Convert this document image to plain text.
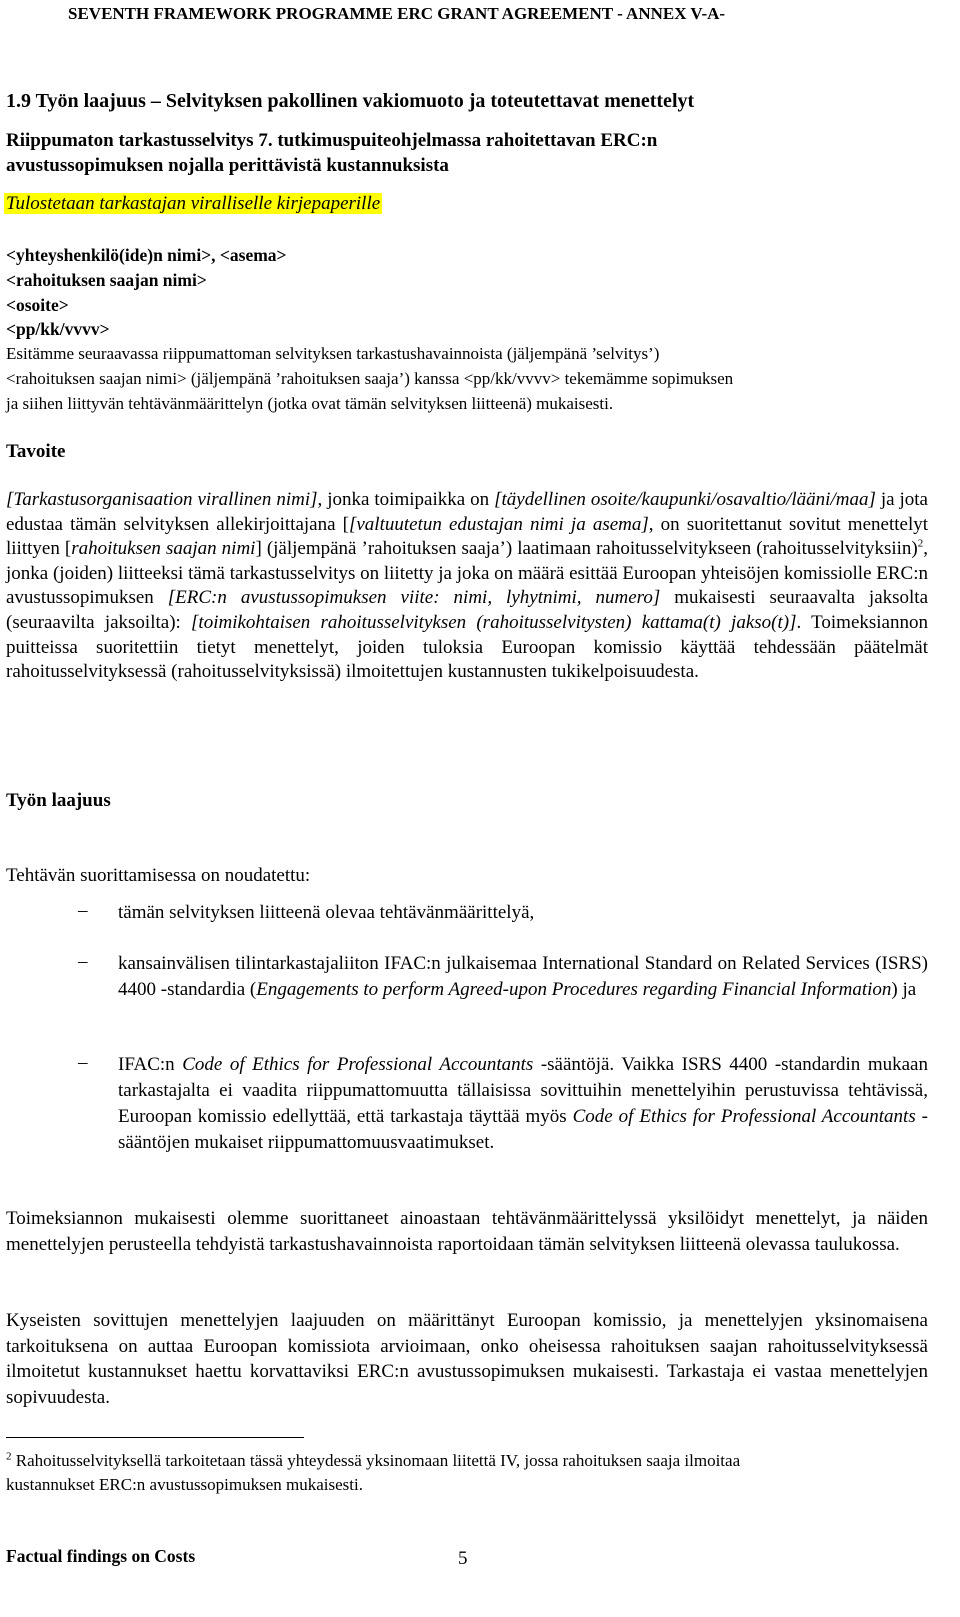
SEVENTH FRAMEWORK PROGRAMME ERC GRANT AGREEMENT - ANNEX V-A-
1.9 Työn laajuus – Selvityksen pakollinen vakiomuoto ja toteutettavat menettelyt
Riippumaton tarkastusselvitys 7. tutkimuspuiteohjelmassa rahoitettavan ERC:n
avustussopimuksen nojalla perittävistä kustannuksista
Tulostetaan tarkastajan viralliselle kirjepaperille
<yhteyshenkilö(ide)n nimi>, <asema>
<rahoituksen saajan nimi>
<osoite>
<pp/kk/vvvv>
Esitämme seuraavassa riippumattoman selvityksen tarkastushavainnoista (jäljempänä ’selvitys’)
<rahoituksen saajan nimi> (jäljempänä ’rahoituksen saaja’) kanssa <pp/kk/vvvv> tekemämme sopimuksen
ja siihen liittyvän tehtävänmäärittelyn (jotka ovat tämän selvityksen liitteenä) mukaisesti.
Tavoite
[Tarkastusorganisaation virallinen nimi], jonka toimipaikka on [täydellinen osoite/kaupunki/osavaltio/lääni/maa] ja jota edustaa tämän selvityksen allekirjoittajana [[valtuutetun edustajan nimi ja asema], on suoritettanut sovitut menettelyt liittyen [rahoituksen saajan nimi] (jäljempänä ’rahoituksen saaja’) laatimaan rahoitusselvitykseen (rahoitusselvityksiin)$^2$, jonka (joiden) liitteeksi tämä tarkastusselvitys on liitetty ja joka on määrä esittää Euroopan yhteisöjen komissiolle ERC:n avustussopimuksen [ERC:n avustussopimuksen viite: nimi, lyhytnimi, numero] mukaisesti seuraavalta jaksolta (seuraavilta jaksoilta): [toimikohtaisen rahoitusselvityksen (rahoitusselvitysten) kattama(t) jakso(t)]. Toimeksiannon puitteissa suoritettiin tietyt menettelyt, joiden tuloksia Euroopan komissio käyttää tehdessään päätelmät rahoitusselvityksessä (rahoitusselvityksissä) ilmoitettujen kustannusten tukikelpoisuudesta.
Työn laajuus
Tehtävän suorittamisessa on noudatettu:
– tämän selvityksen liitteenä olevaa tehtävänmäärittelyä,
– kansainvälisen tilintarkastajaliiton IFAC:n julkaisemaa International Standard on Related Services (ISRS) 4400 -standardia (Engagements to perform Agreed-upon Procedures regarding Financial Information) ja
– IFAC:n Code of Ethics for Professional Accountants -sääntöjä. Vaikka ISRS 4400 -standardin mukaan tarkastajalta ei vaadita riippumattomuutta tällaisissa sovittuihin menettelyihin perustuvissa tehtävissä, Euroopan komissio edellyttää, että tarkastaja täyttää myös Code of Ethics for Professional Accountants -sääntöjen mukaiset riippumattomuusvaatimukset.
Toimeksiannon mukaisesti olemme suorittaneet ainoastaan tehtävänmäärittelyssä yksilöidyt menettelyt, ja näiden menettelyjen perusteella tehdyistä tarkastushavainnoista raportoidaan tämän selvityksen liitteenä olevassa taulukossa.
Kyseisten sovittujen menettelyjen laajuuden on määrittänyt Euroopan komissio, ja menettelyjen yksinomaisena tarkoituksena on auttaa Euroopan komissiota arvioimaan, onko oheisessa rahoituksen saajan rahoitusselvityksessä ilmoitetut kustannukset haettu korvattaviksi ERC:n avustussopimuksen mukaisesti. Tarkastaja ei vastaa menettelyjen sopivuudesta.
$^2$ Rahoitusselvityksellä tarkoitetaan tässä yhteydessä yksinomaan liitettä IV, jossa rahoituksen saaja ilmoitaa
kustannukset ERC:n avustussopimuksen mukaisesti.
Factual findings on Costs	5
